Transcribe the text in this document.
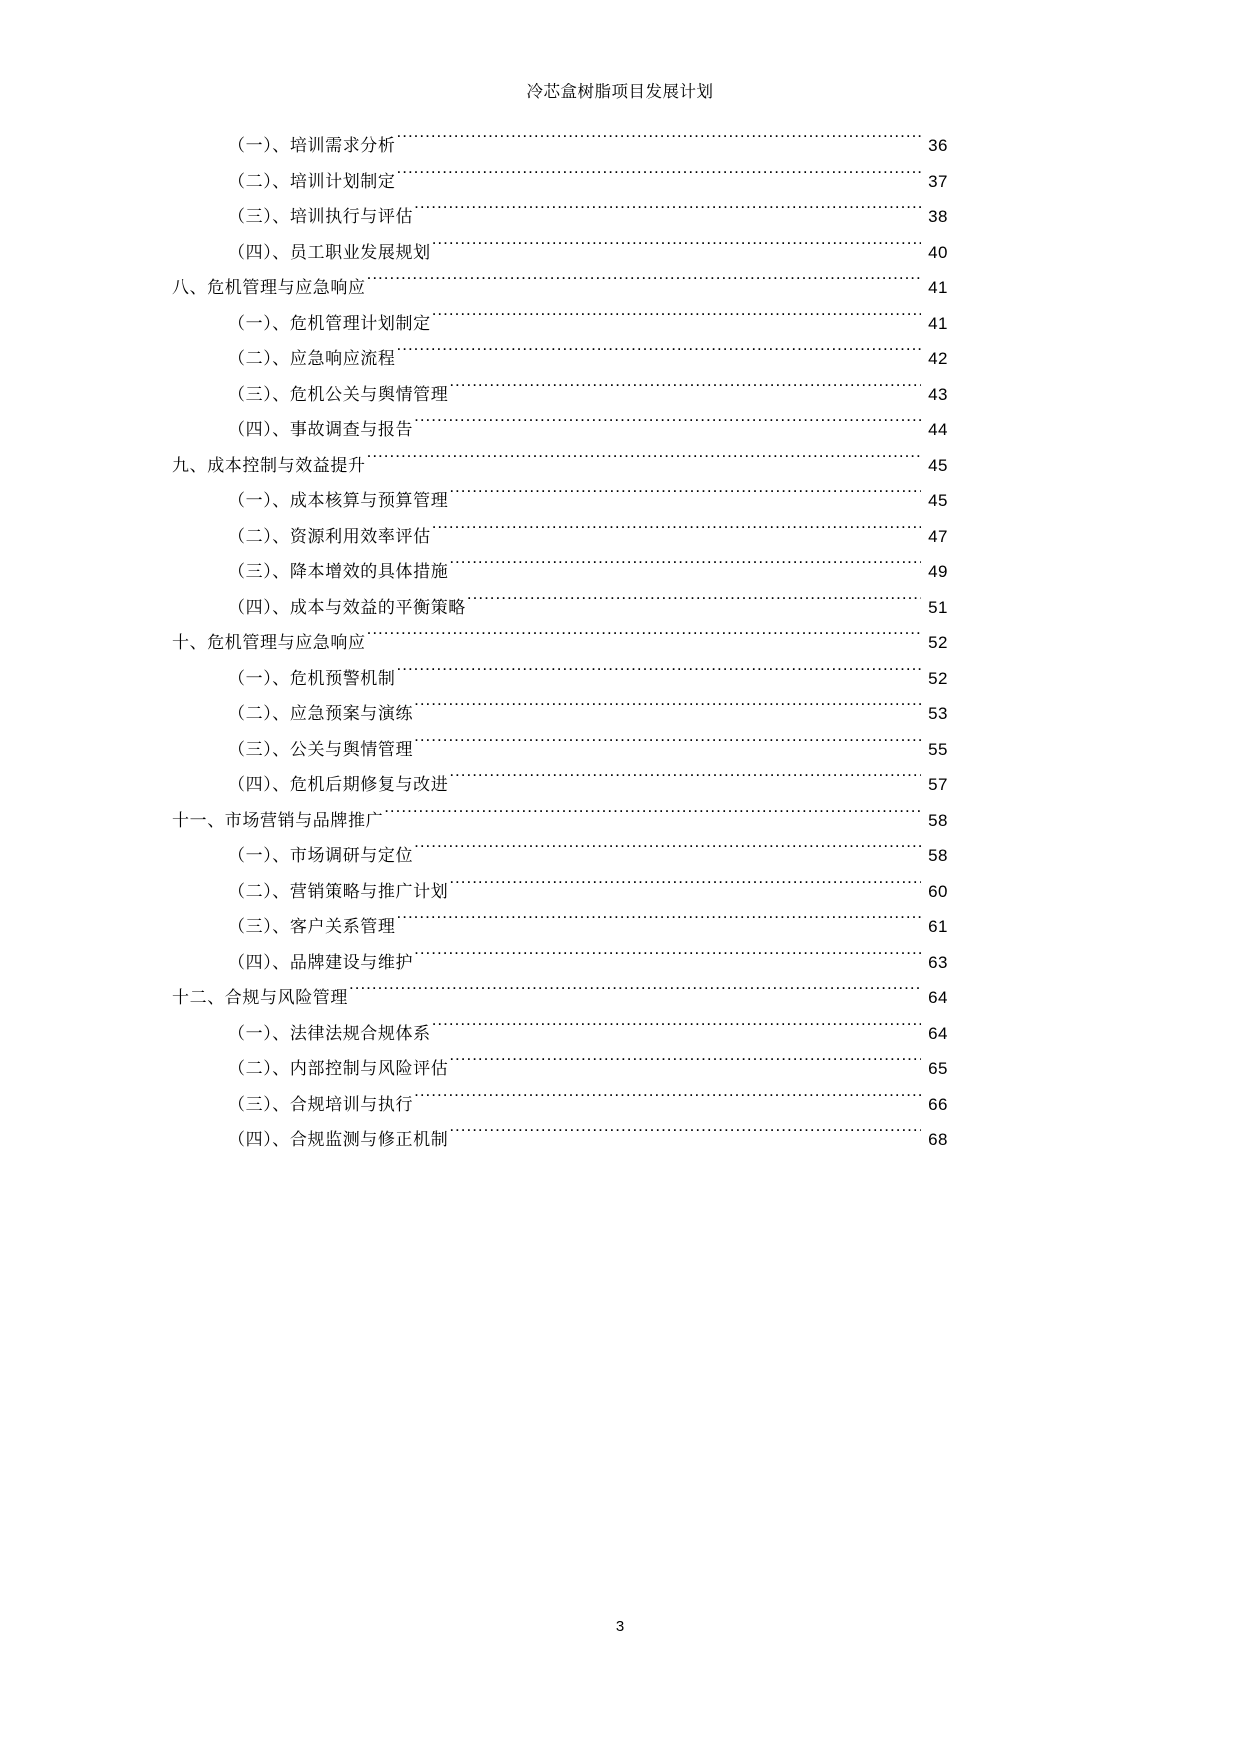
冷芯盒树脂项目发展计划
（一）、培训需求分析 .....	36
（二）、培训计划制定 .....	37
（三）、培训执行与评估 .....	38
（四）、员工职业发展规划 .....	40
八、危机管理与应急响应 .....	41
（一）、危机管理计划制定 .....	41
（二）、应急响应流程 .....	42
（三）、危机公关与舆情管理 .....	43
（四）、事故调查与报告 .....	44
九、成本控制与效益提升 .....	45
（一）、成本核算与预算管理 .....	45
（二）、资源利用效率评估 .....	47
（三）、降本增效的具体措施 .....	49
（四）、成本与效益的平衡策略 .....	51
十、危机管理与应急响应 .....	52
（一）、危机预警机制 .....	52
（二）、应急预案与演练 .....	53
（三）、公关与舆情管理 .....	55
（四）、危机后期修复与改进 .....	57
十一、市场营销与品牌推广 .....	58
（一）、市场调研与定位 .....	58
（二）、营销策略与推广计划 .....	60
（三）、客户关系管理 .....	61
（四）、品牌建设与维护 .....	63
十二、合规与风险管理 .....	64
（一）、法律法规合规体系 .....	64
（二）、内部控制与风险评估 .....	65
（三）、合规培训与执行 .....	66
（四）、合规监测与修正机制 .....	68
3
